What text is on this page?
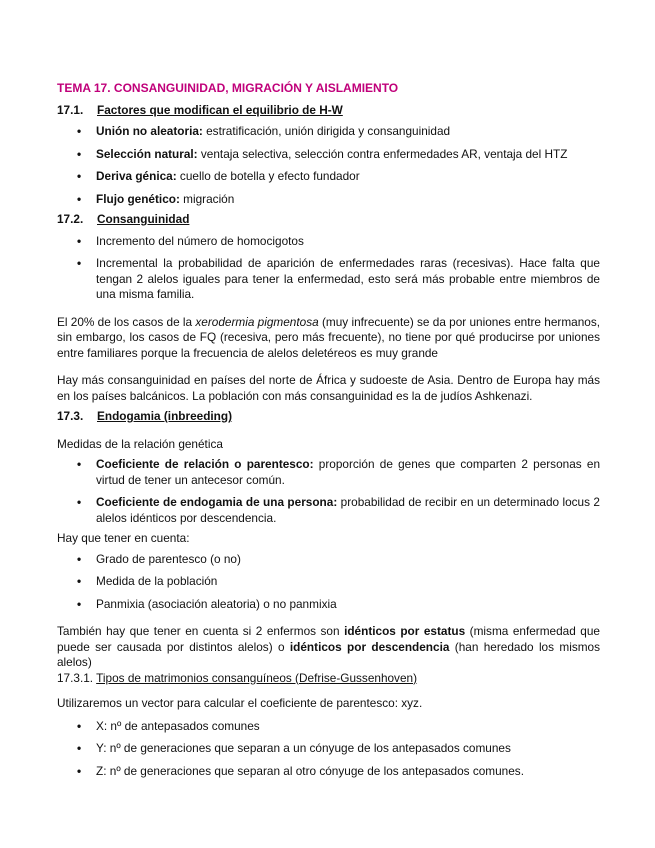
TEMA 17. CONSANGUINIDAD, MIGRACIÓN Y AISLAMIENTO
17.1.	Factores que modifican el equilibrio de H-W
• Unión no aleatoria: estratificación, unión dirigida y consanguinidad
• Selección natural: ventaja selectiva, selección contra enfermedades AR, ventaja del HTZ
• Deriva génica: cuello de botella y efecto fundador
• Flujo genético: migración
17.2.	Consanguinidad
• Incremento del número de homocigotos
• Incremental la probabilidad de aparición de enfermedades raras (recesivas). Hace falta que tengan 2 alelos iguales para tener la enfermedad, esto será más probable entre miembros de una misma familia.

El 20% de los casos de la xerodermia pigmentosa (muy infrecuente) se da por uniones entre hermanos, sin embargo, los casos de FQ (recesiva, pero más frecuente), no tiene por qué producirse por uniones entre familiares porque la frecuencia de alelos deletéreos es muy grande

Hay más consanguinidad en países del norte de África y sudoeste de Asia. Dentro de Europa hay más en los países balcánicos. La población con más consanguinidad es la de judíos Ashkenazi.

17.3.	Endogamia (inbreeding)

Medidas de la relación genética

• Coeficiente de relación o parentesco: proporción de genes que comparten 2 personas en virtud de tener un antecesor común.
• Coeficiente de endogamia de una persona: probabilidad de recibir en un determinado locus 2 alelos idénticos por descendencia.

Hay que tener en cuenta:

• Grado de parentesco (o no)
• Medida de la población
• Panmixia (asociación aleatoria) o no panmixia

También hay que tener en cuenta si 2 enfermos son idénticos por estatus (misma enfermedad que puede ser causada por distintos alelos) o idénticos por descendencia (han heredado los mismos alelos)

17.3.1. Tipos de matrimonios consanguíneos (Defrise-Gussenhoven)

Utilizaremos un vector para calcular el coeficiente de parentesco: xyz.

• X: nº de antepasados comunes
• Y: nº de generaciones que separan a un cónyuge de los antepasados comunes
• Z: nº de generaciones que separan al otro cónyuge de los antepasados comunes.
